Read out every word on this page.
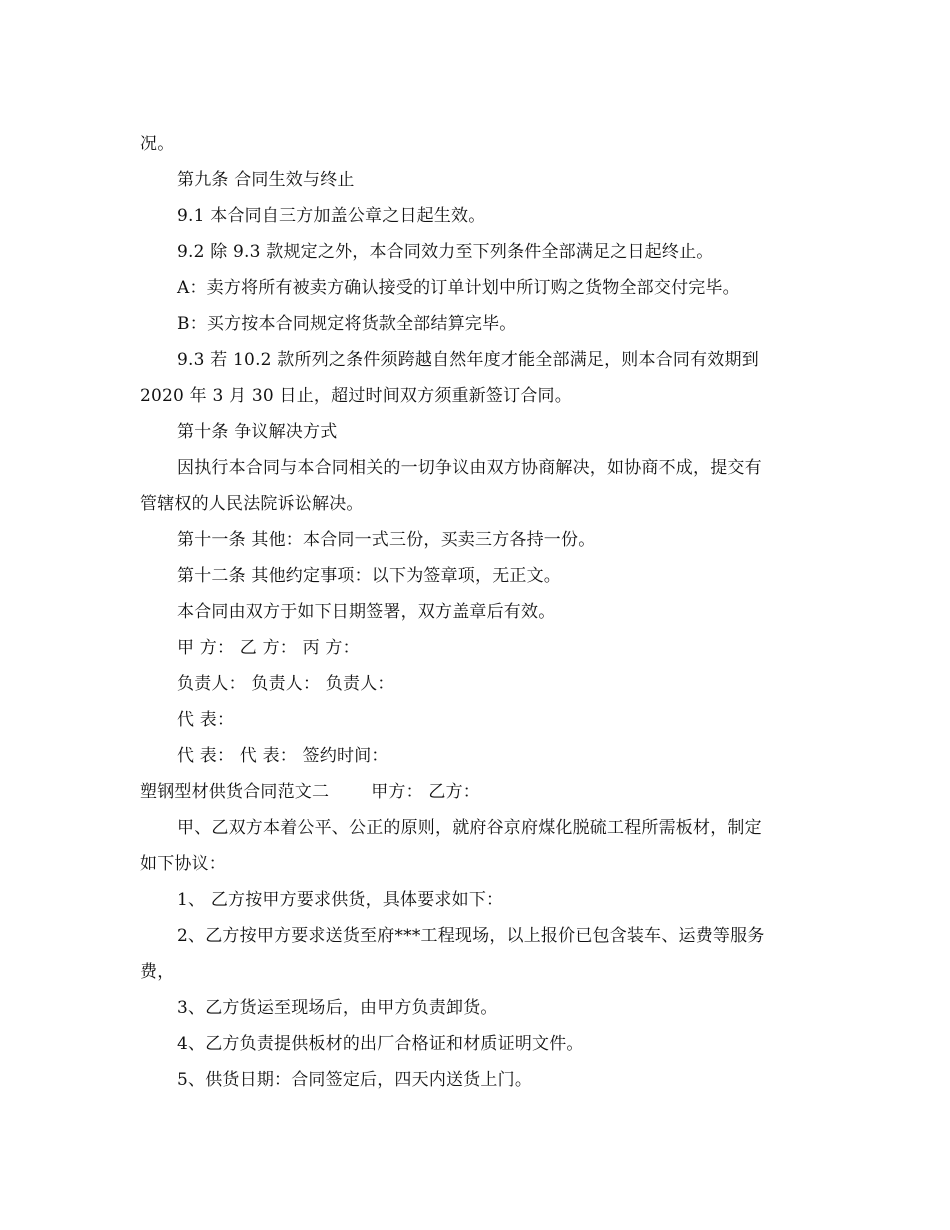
况。
第九条 合同生效与终止
9.1 本合同自三方加盖公章之日起生效。
9.2 除 9.3 款规定之外，本合同效力至下列条件全部满足之日起终止。
A：卖方将所有被卖方确认接受的订单计划中所订购之货物全部交付完毕。
B：买方按本合同规定将货款全部结算完毕。
9.3 若 10.2 款所列之条件须跨越自然年度才能全部满足，则本合同有效期到
2020 年 3 月 30 日止，超过时间双方须重新签订合同。
第十条 争议解决方式
因执行本合同与本合同相关的一切争议由双方协商解决，如协商不成，提交有
管辖权的人民法院诉讼解决。
第十一条 其他：本合同一式三份，买卖三方各持一份。
第十二条 其他约定事项：以下为签章项，无正文。
本合同由双方于如下日期签署，双方盖章后有效。
甲 方： 乙 方： 丙 方：
负责人： 负责人： 负责人：
代 表：
代 表： 代 表： 签约时间：
塑钢型材供货合同范文二 甲方： 乙方：
甲、乙双方本着公平、公正的原则，就府谷京府煤化脱硫工程所需板材，制定
如下协议：
1、 乙方按甲方要求供货，具体要求如下：
2、乙方按甲方要求送货至府***工程现场，以上报价已包含装车、运费等服务
费，
3、乙方货运至现场后，由甲方负责卸货。
4、乙方负责提供板材的出厂合格证和材质证明文件。
5、供货日期：合同签定后，四天内送货上门。
